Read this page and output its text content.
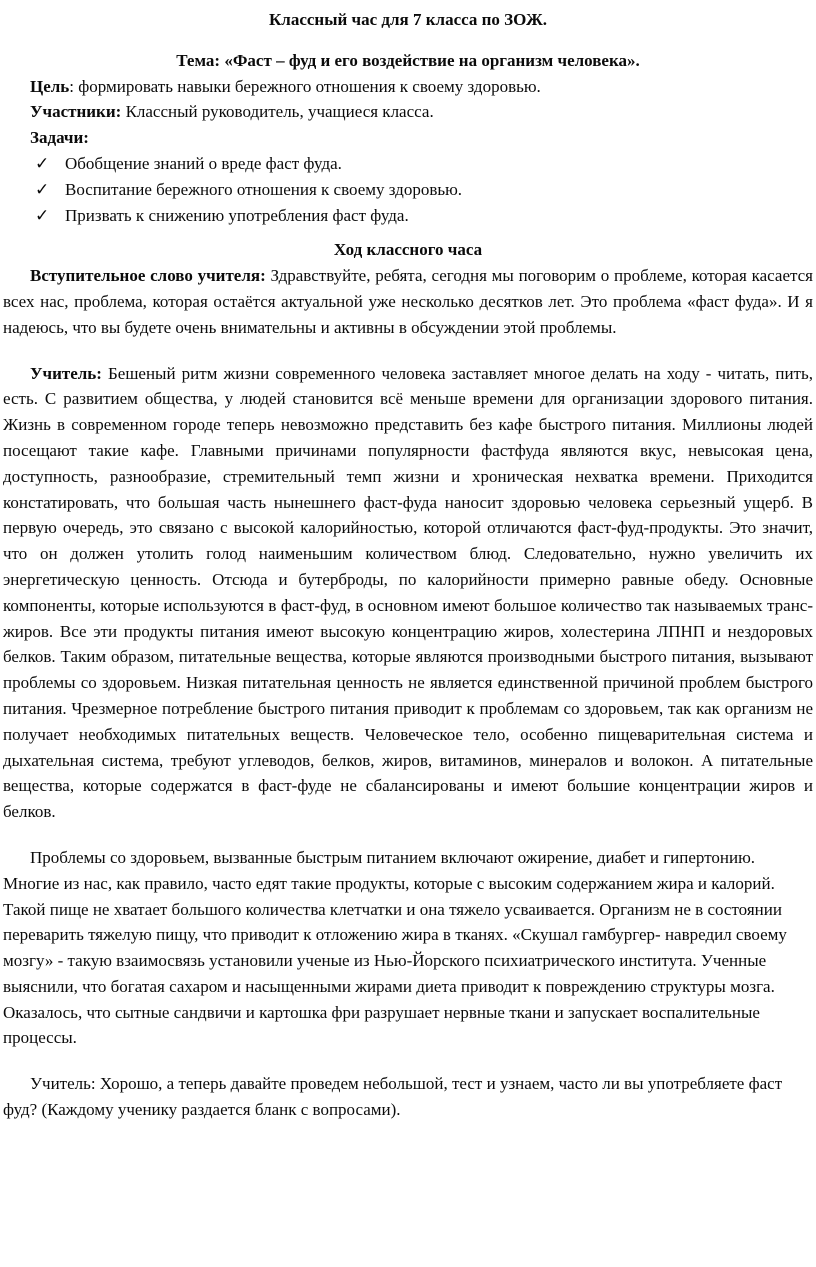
Классный час для 7 класса по ЗОЖ.

Тема: «Фаст – фуд и его воздействие на организм человека».

Цель: формировать навыки бережного отношения к своему здоровью.

Участники: Классный руководитель, учащиеся класса.

Задачи:

✓ Обобщение знаний о вреде фаст фуда.
✓ Воспитание бережного отношения к своему здоровью.
✓ Призвать к снижению употребления фаст фуда.

Ход классного часа

Вступительное слово учителя: Здравствуйте, ребята, сегодня мы поговорим о проблеме, которая касается всех нас, проблема, которая остаётся актуальной уже несколько десятков лет. Это проблема «фаст фуда». И я надеюсь, что вы будете очень внимательны и активны в обсуждении этой проблемы.

Учитель: Бешеный ритм жизни современного человека заставляет многое делать на ходу - читать, пить, есть. С развитием общества, у людей становится всё меньше времени для организации здорового питания. Жизнь в современном городе теперь невозможно представить без кафе быстрого питания. Миллионы людей посещают такие кафе. Главными причинами популярности фастфуда являются вкус, невысокая цена, доступность, разнообразие, стремительный темп жизни и хроническая нехватка времени. Приходится констатировать, что большая часть нынешнего фаст-фуда наносит здоровью человека серьезный ущерб. В первую очередь, это связано с высокой калорийностью, которой отличаются фаст-фуд-продукты. Это значит, что он должен утолить голод наименьшим количеством блюд. Следовательно, нужно увеличить их энергетическую ценность. Отсюда и бутерброды, по калорийности примерно равные обеду. Основные компоненты, которые используются в фаст-фуд, в основном имеют большое количество так называемых транс-жиров. Все эти продукты питания имеют высокую концентрацию жиров, холестерина ЛПНП и нездоровых белков. Таким образом, питательные вещества, которые являются производными быстрого питания, вызывают проблемы со здоровьем. Низкая питательная ценность не является единственной причиной проблем быстрого питания. Чрезмерное потребление быстрого питания приводит к проблемам со здоровьем, так как организм не получает необходимых питательных веществ. Человеческое тело, особенно пищеварительная система и дыхательная система, требуют углеводов, белков, жиров, витаминов, минералов и волокон. А питательные вещества, которые содержатся в фаст-фуде не сбалансированы и имеют большие концентрации жиров и белков.

Проблемы со здоровьем, вызванные быстрым питанием включают ожирение, диабет и гипертонию. Многие из нас, как правило, часто едят такие продукты, которые с высоким содержанием жира и калорий. Такой пище не хватает большого количества клетчатки и она тяжело усваивается. Организм не в состоянии переварить тяжелую пищу, что приводит к отложению жира в тканях. «Скушал гамбургер- навредил своему мозгу» - такую взаимосвязь установили ученые из Нью-Йорского психиатрического института. Ученные выяснили, что богатая сахаром и насыщенными жирами диета приводит к повреждению структуры мозга. Оказалось, что сытные сандвичи и картошка фри разрушает нервные ткани и запускает воспалительные процессы.

Учитель: Хорошо, а теперь давайте проведем небольшой, тест и узнаем, часто ли вы употребляете фаст фуд? (Каждому ученику раздается бланк с вопросами).
